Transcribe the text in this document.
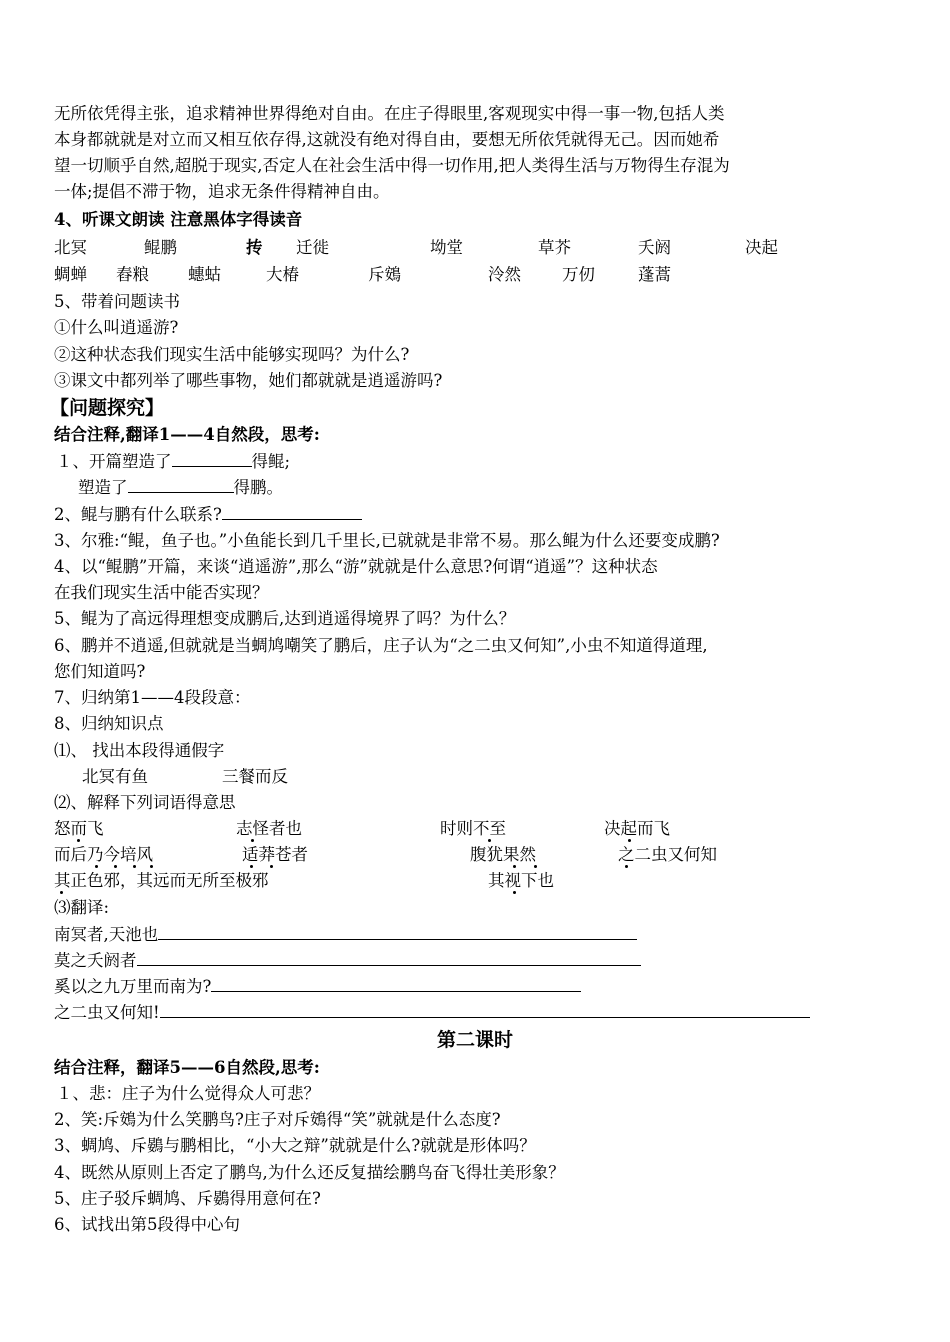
无所依凭得主张，追求精神世界得绝对自由。在庄子得眼里,客观现实中得一事一物,包括人类
本身都就就是对立而又相互依存得,这就没有绝对得自由，要想无所依凭就得无己。因而她希
望一切顺乎自然,超脱于现实,否定人在社会生活中得一切作用,把人类得生活与万物得生存混为
一体;提倡不滞于物，追求无条件得精神自由。
4、听课文朗读 注意黑体字得读音
北冥	鲲鹏	抟 迁徙	坳堂	草芥	夭阏	决起
蜩蝉 舂粮 蟪蛄	大椿	斥鴳	泠然 万仞	蓬蒿
5、带着问题读书
①什么叫逍遥游?
②这种状态我们现实生活中能够实现吗？为什么?
③课文中都列举了哪些事物，她们都就就是逍遥游吗?
【问题探究】
结合注释,翻译1——4自然段，思考:
１、开篇塑造了	得鲲;
塑造了	得鹏。
2、鲲与鹏有什么联系?
3、尔雅:“鲲，鱼子也。”小鱼能长到几千里长,已就就是非常不易。那么鲲为什么还要变成鹏?
4、以“鲲鹏”开篇，来谈“逍遥游”,那么“游”就就是什么意思?何谓“逍遥”？这种状态
在我们现实生活中能否实现？
5、鲲为了高远得理想变成鹏后,达到逍遥得境界了吗？为什么？
6、鹏并不逍遥,但就就是当蜩鸠嘲笑了鹏后，庄子认为“之二虫又何知”,小虫不知道得道理,
您们知道吗?
7、归纳第1——4段段意：
8、归纳知识点
⑴、 找出本段得通假字
北冥有鱼	三餐而反
⑵、解释下列词语得意思
怒而飞	志怪者也	时则不至	决起而飞
而后乃今培风	适莽苍者	腹犹果然	之二虫又何知
其正色邪，其远而无所至极邪	其视下也
⑶翻译:
南冥者,天池也
莫之夭阏者
奚以之九万里而南为?
之二虫又何知!
第二课时
结合注释，翻译5——6自然段,思考:
１、悲：庄子为什么觉得众人可悲？
2、笑:斥鴳为什么笑鹏鸟?庄子对斥鴳得“笑”就就是什么态度?
3、蜩鸠、斥鷃与鹏相比，“小大之辩”就就是什么?就就是形体吗？
4、既然从原则上否定了鹏鸟,为什么还反复描绘鹏鸟奋飞得壮美形象？
5、庄子驳斥蜩鸠、斥鷃得用意何在?
6、试找出第5段得中心句
